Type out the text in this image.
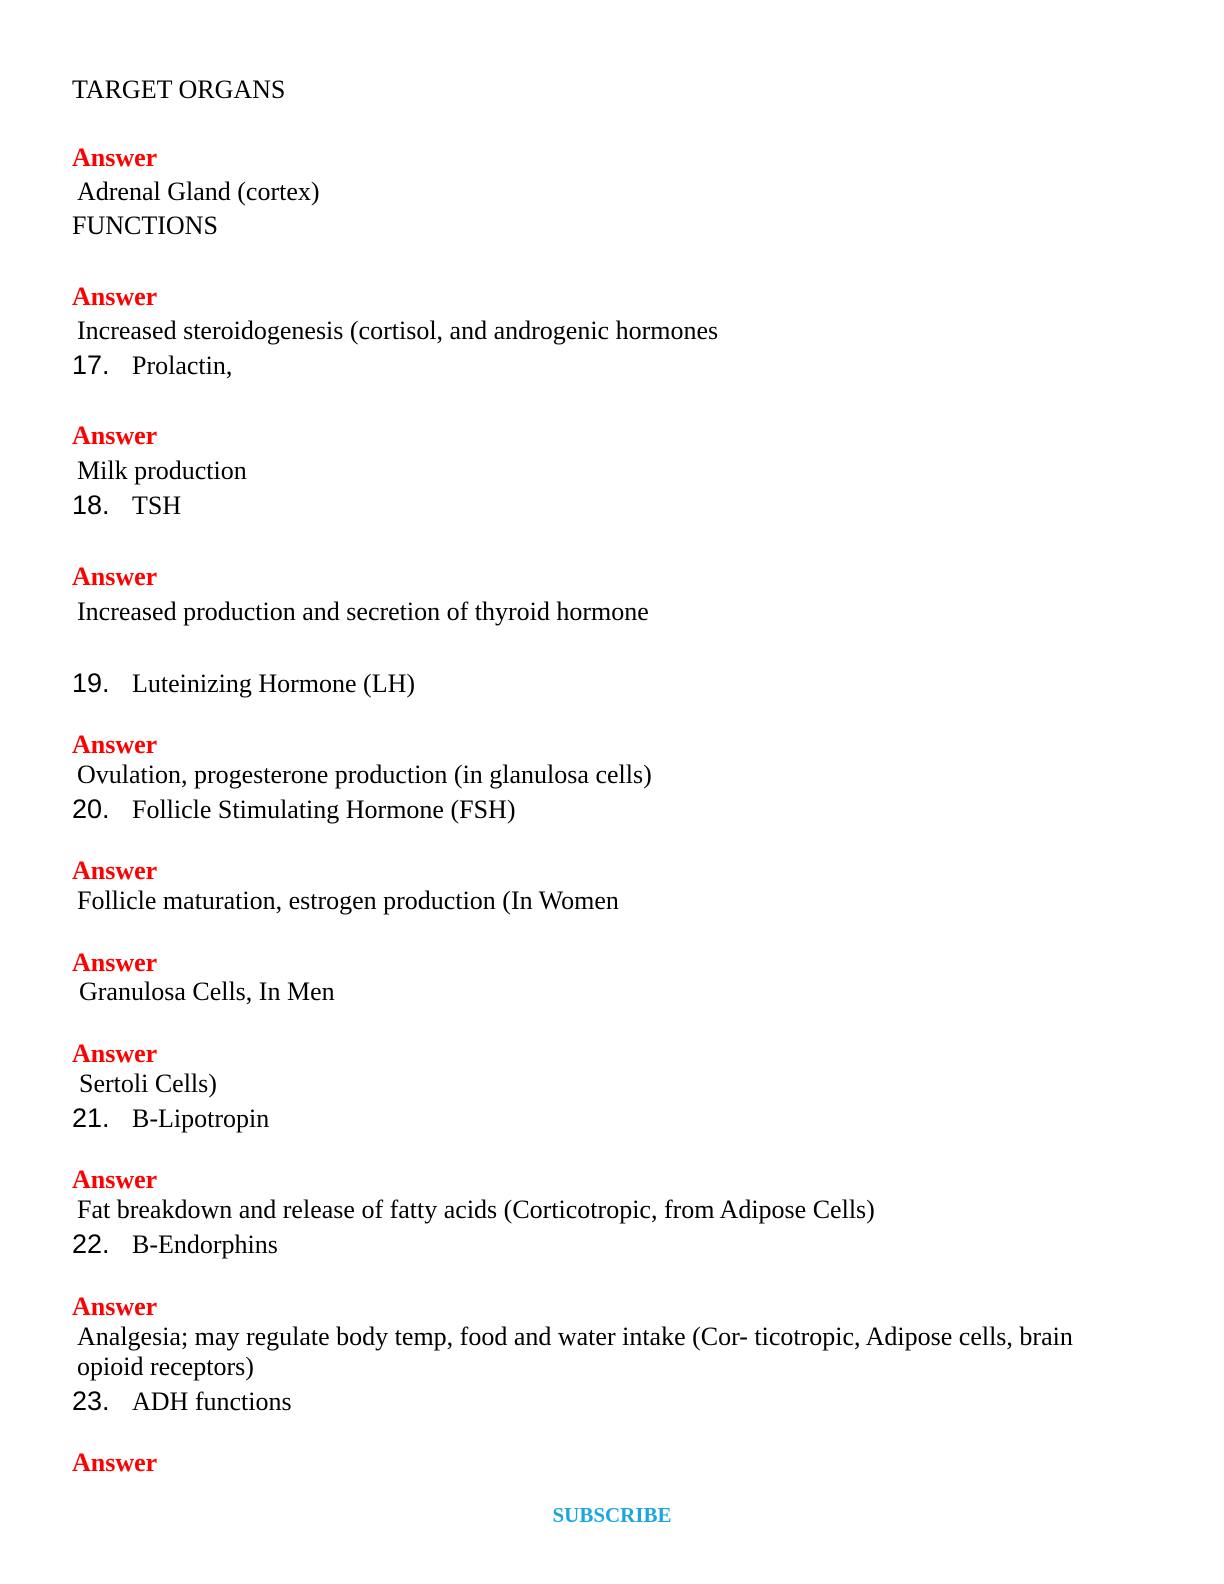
TARGET ORGANS
Answer
Adrenal Gland (cortex)
FUNCTIONS
Answer
Increased steroidogenesis (cortisol, and androgenic hormones
17. Prolactin,
Answer
Milk production
18. TSH
Answer
Increased production and secretion of thyroid hormone
19. Luteinizing Hormone (LH)
Answer
Ovulation, progesterone production (in glanulosa cells)
20. Follicle Stimulating Hormone (FSH)
Answer
Follicle maturation, estrogen production (In Women
Answer
Granulosa Cells, In Men
Answer
Sertoli Cells)
21. B-Lipotropin
Answer
Fat breakdown and release of fatty acids (Corticotropic, from Adipose Cells)
22. B-Endorphins
Answer
Analgesia; may regulate body temp, food and water intake (Cor- ticotropic, Adipose cells, brain opioid receptors)
23. ADH functions
Answer
SUBSCRIBE
